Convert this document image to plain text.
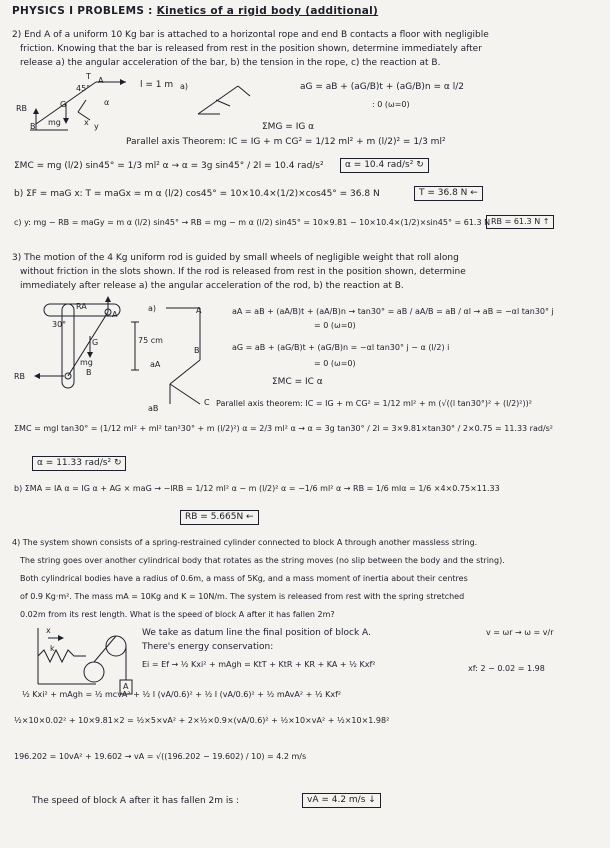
PHYSICS I PROBLEMS : Kinetics of a rigid body (additional)
2) End A of a uniform 10 Kg bar is attached to a horizontal rope and end B contacts a floor with negligible
friction. Knowing that the bar is released from rest in the position shown, determine immediately after
release a) the angular acceleration of the bar, b) the tension in the rope, c) the reaction at B.
T A
45°
RB	G
mg
B	x y
α
l = 1 m a)	aG = aB + (aG/B)t + (aG/B)n = α l/2
: 0 (ω=0)
ΣMG = IG α
Parallel axis Theorem: IC = IG + m CG² = 1/12 ml² + m (l/2)² = 1/3 ml²
ΣMC = mg (l/2) sin45° = 1/3 ml² α → α = 3g sin45° / 2l = 10.4 rad/s²	α = 10.4 rad/s² ↻
b) ΣF = maG x: T = maGx = m α (l/2) cos45° = 10×10.4×(1/2)×cos45° = 36.8 N	T = 36.8 N ←
c) y: mg − RB = maGy = m α (l/2) sin45° → RB = mg − m α (l/2) sin45° = 10×9.81 − 10×10.4×(1/2)×sin45° = 61.3 N RB = 61.3 N ↑
3) The motion of the 4 Kg uniform rod is guided by small wheels of negligible weight that roll along
without friction in the slots shown. If the rod is released from rest in the position shown, determine
immediately after release a) the angular acceleration of the rod, b) the reaction at B.
RA
A
30°
G
mg
RB	B
75 cm
a)	A
B
C
aA
aB
aA = aB + (aA/B)t + (aA/B)n → tan30° = aB / aA/B = aB / αl → aB = −αl tan30° j
= 0 (ω=0)
aG = aB + (aG/B)t + (aG/B)n = −αl tan30° j − α (l/2) i
= 0 (ω=0)
ΣMC = IC α
Parallel axis theorem: IC = IG + m CG² = 1/12 ml² + m (√((l tan30°)² + (l/2)²))²
ΣMC = mgl tan30° = (1/12 ml² + ml² tan²30° + m (l/2)²) α = 2/3 ml² α → α = 3g tan30° / 2l = 3×9.81×tan30° / 2×0.75 = 11.33 rad/s²
α = 11.33 rad/s² ↻
b) ΣMA = IA α = IG α + AG × maG → −lRB = 1/12 ml² α − m (l/2)² α = −1/6 ml² α → RB = 1/6 mlα = 1/6 ×4×0.75×11.33
RB = 5.665N ←
4) The system shown consists of a spring-restrained cylinder connected to block A through another massless string.
The string goes over another cylindrical body that rotates as the string moves (no slip between the body and the string).
Both cylindrical bodies have a radius of 0.6m, a mass of 5Kg, and a mass moment of inertia about their centres
of 0.9 Kg·m². The mass mA = 10Kg and K = 10N/m. The system is released from rest with the spring stretched
0.02m from its rest length. What is the speed of block A after it has fallen 2m?
x
k
A
We take as datum line the final position of block A.
There's energy conservation:
Ei = Ef → ½ Kxi² + mAgh = KtT + KtR + KR + KA + ½ Kxf²
v = ωr → ω = v/r
xf: 2 − 0.02 = 1.98
½ Kxi² + mAgh = ½ mcvA² + ½ I (vA/0.6)² + ½ I (vA/0.6)² + ½ mAvA² + ½ Kxf²
½×10×0.02² + 10×9.81×2 = ½×5×vA² + 2×½×0.9×(vA/0.6)² + ½×10×vA² + ½×10×1.98²
196.202 = 10vA² + 19.602 → vA = √((196.202 − 19.602) / 10) = 4.2 m/s
The speed of block A after it has fallen 2m is :	vA = 4.2 m/s ↓
